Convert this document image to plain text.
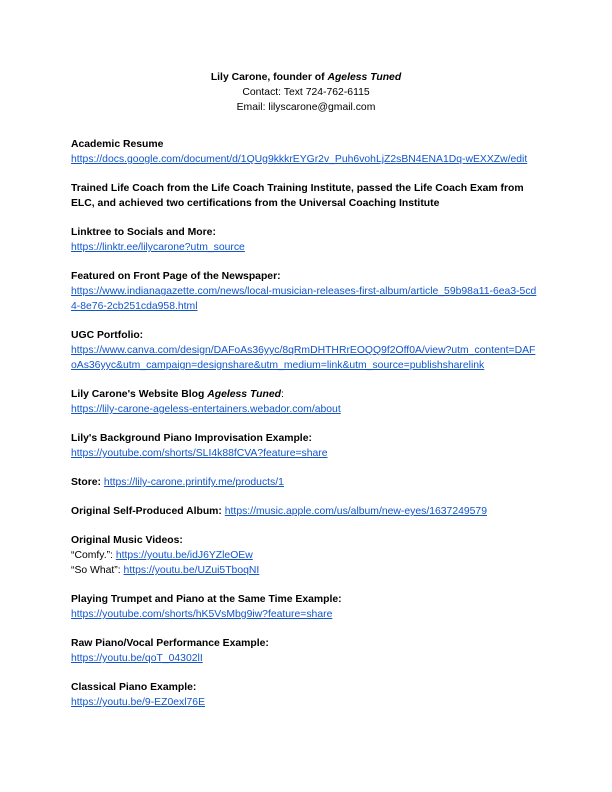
Lily Carone, founder of Ageless Tuned
Contact: Text 724-762-6115
Email: lilyscarone@gmail.com
Academic Resume
https://docs.google.com/document/d/1QUg9kkkrEYGr2v_Puh6vohLjZ2sBN4ENA1Dq-wEXXZw/edit
Trained Life Coach from the Life Coach Training Institute, passed the Life Coach Exam from ELC, and achieved two certifications from the Universal Coaching Institute
Linktree to Socials and More:
https://linktr.ee/lilycarone?utm_source
Featured on Front Page of the Newspaper:
https://www.indianagazette.com/news/local-musician-releases-first-album/article_59b98a11-6ea3-5cd4-8e76-2cb251cda958.html
UGC Portfolio:
https://www.canva.com/design/DAFoAs36yyc/8qRmDHTHRrEOQQ9f2Off0A/view?utm_content=DAFoAs36yyc&utm_campaign=designshare&utm_medium=link&utm_source=publishsharelink
Lily Carone's Website Blog Ageless Tuned:
https://lily-carone-ageless-entertainers.webador.com/about
Lily's Background Piano Improvisation Example:
https://youtube.com/shorts/SLI4k88fCVA?feature=share
Store: https://lily-carone.printify.me/products/1
Original Self-Produced Album: https://music.apple.com/us/album/new-eyes/1637249579
Original Music Videos:
“Comfy.”: https://youtu.be/idJ6YZleOEw
“So What”: https://youtu.be/UZui5TboqNI
Playing Trumpet and Piano at the Same Time Example:
https://youtube.com/shorts/hK5VsMbg9iw?feature=share
Raw Piano/Vocal Performance Example:
https://youtu.be/qoT_04302lI
Classical Piano Example:
https://youtu.be/9-EZ0exl76E
